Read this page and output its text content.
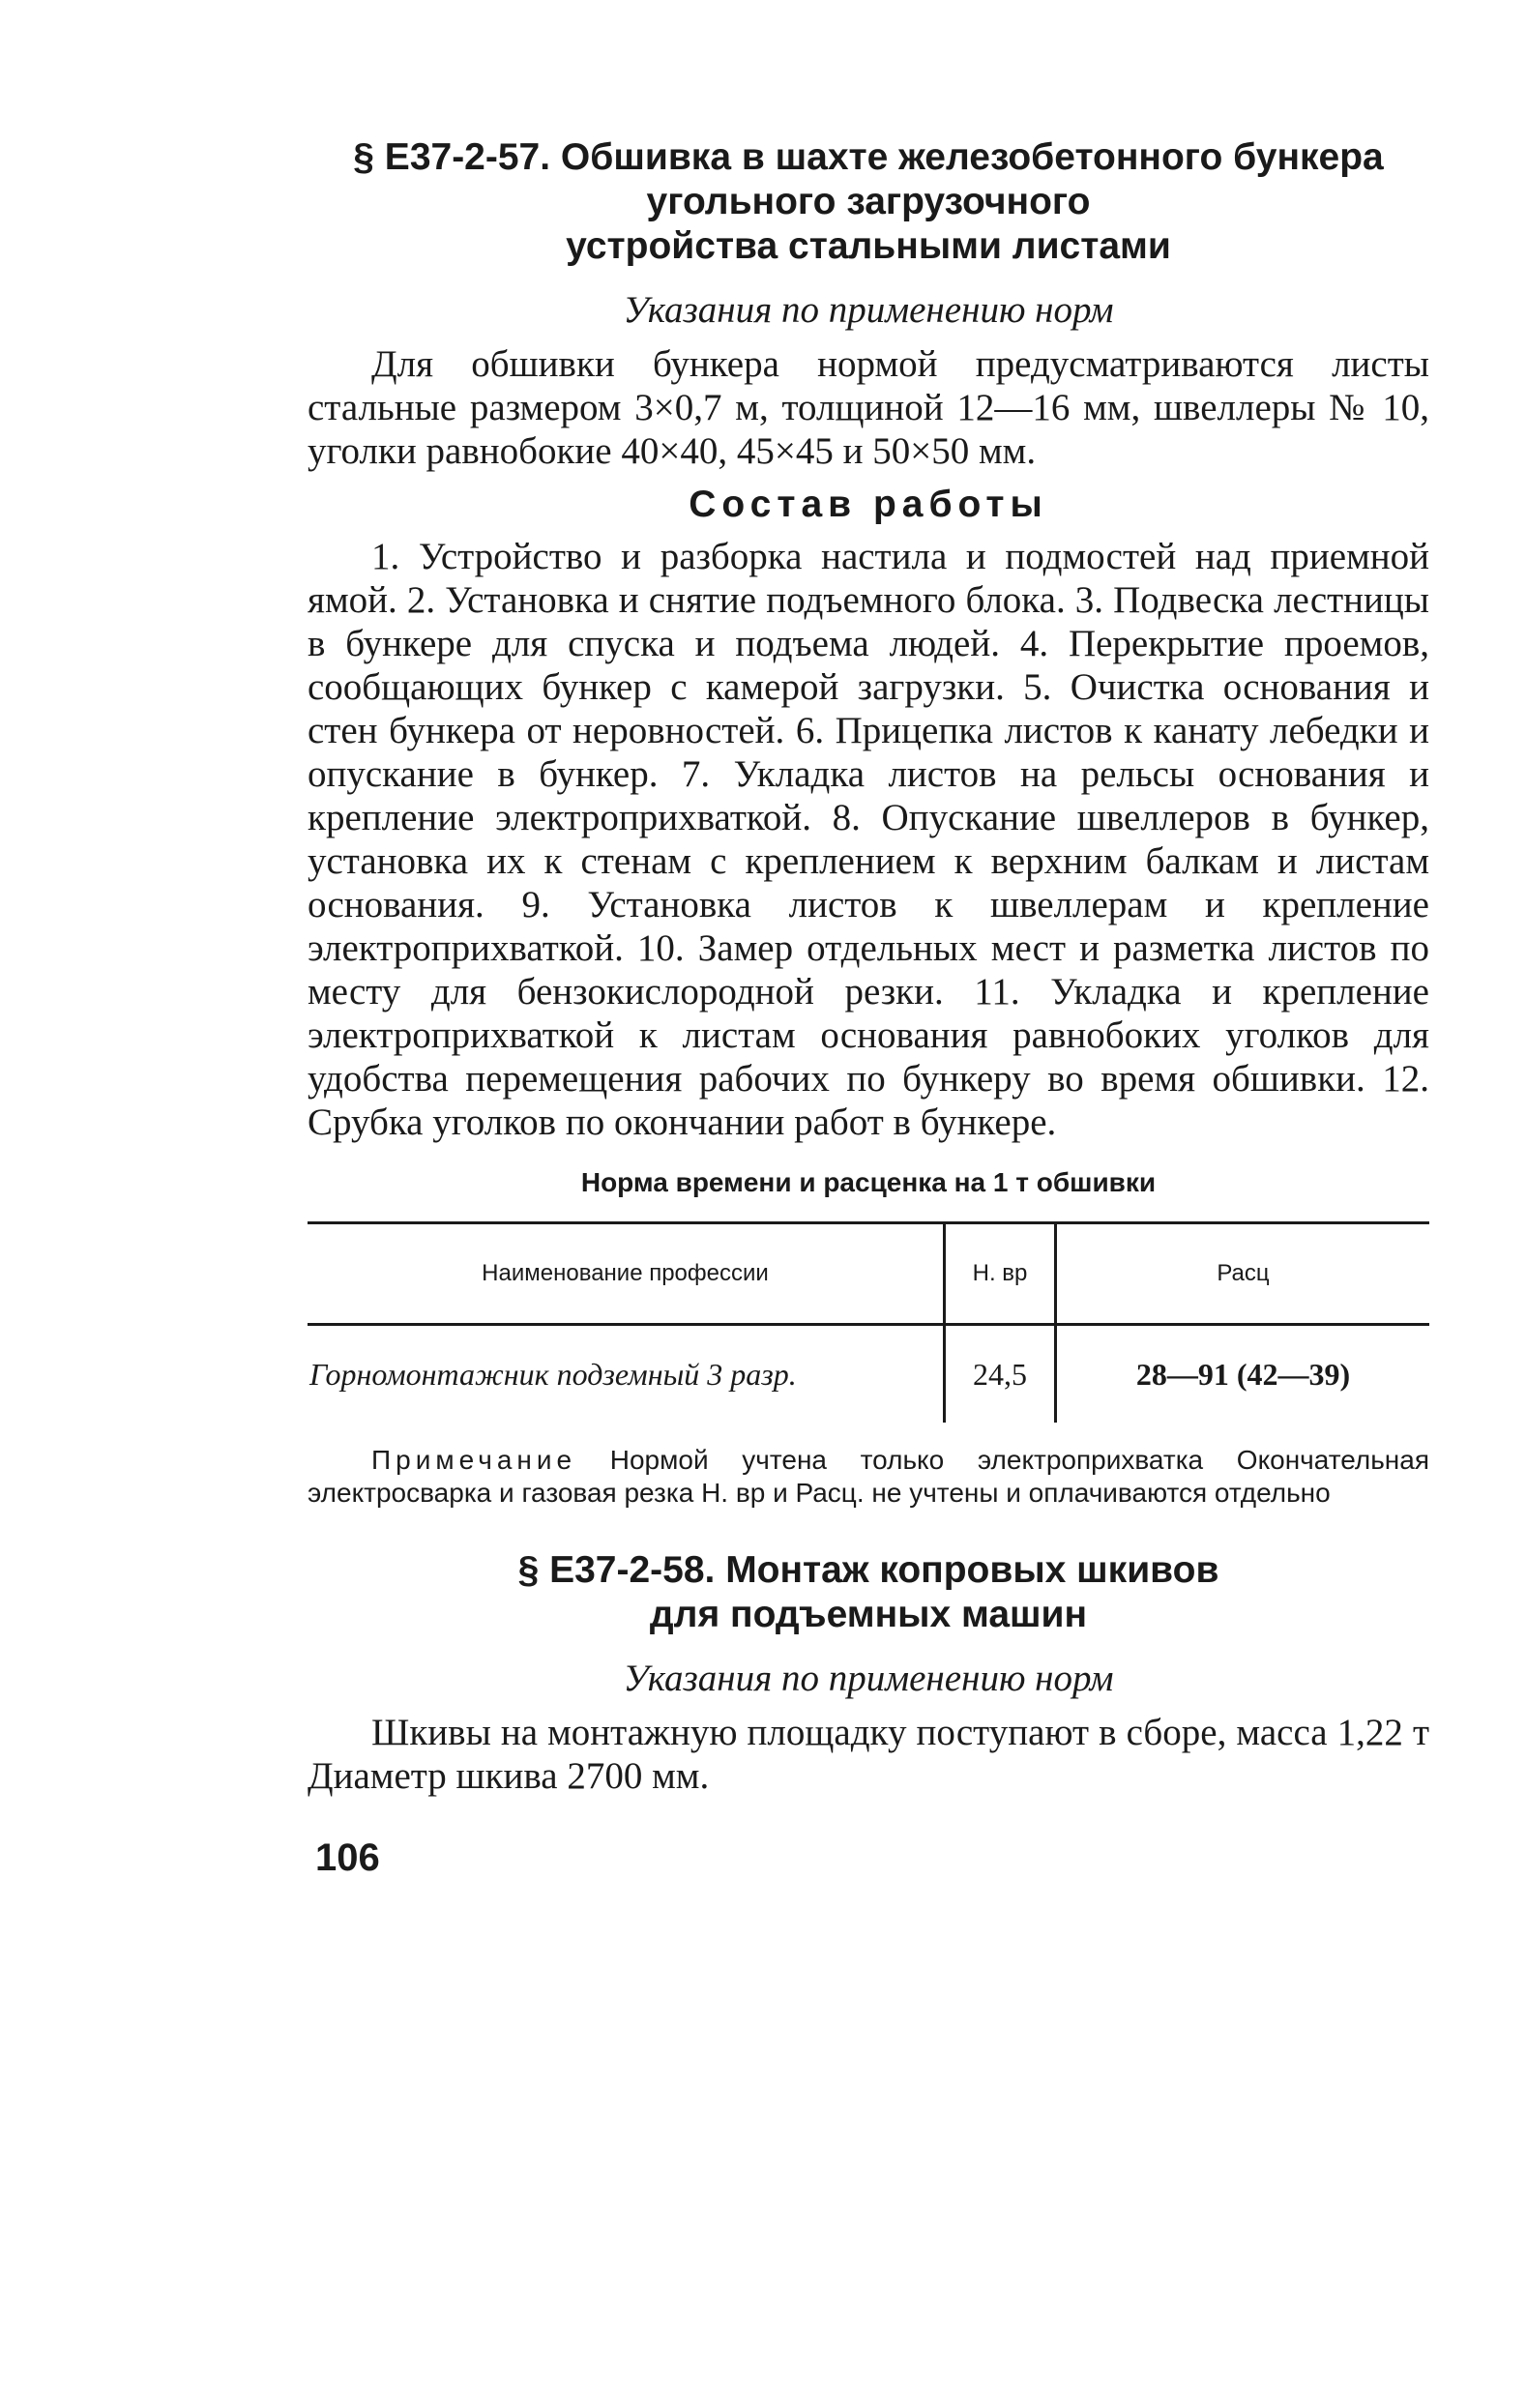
§ Е37-2-57. Обшивка в шахте железобетонного бункера
угольного загрузочного
устройства стальными листами

Указания по применению норм

Для обшивки бункера нормой предусматриваются листы стальные размером 3×0,7 м, толщиной 12—16 мм, швеллеры № 10, уголки равнобокие 40×40, 45×45 и 50×50 мм.

Состав работы

1. Устройство и разборка настила и подмостей над приемной ямой. 2. Установка и снятие подъемного блока. 3. Подвеска лестницы в бункере для спуска и подъема людей. 4. Перекрытие проемов, сообщающих бункер с камерой загрузки. 5. Очистка основания и стен бункера от неровностей. 6. Прицепка листов к канату лебедки и опускание в бункер. 7. Укладка листов на рельсы основания и крепление электроприхваткой. 8. Опускание швеллеров в бункер, установка их к стенам с креплением к верхним балкам и листам основания. 9. Установка листов к швеллерам и крепление электроприхваткой. 10. Замер отдельных мест и разметка листов по месту для бензокислородной резки. 11. Укладка и крепление электроприхваткой к листам основания равнобоких уголков для удобства перемещения рабочих по бункеру во время обшивки. 12. Срубка уголков по окончании работ в бункере.

Норма времени и расценка на 1 т обшивки

Наименование профессии	Н. вр	Расц
Горномонтажник подземный 3 разр.	24,5	28—91 (42—39)

Примечание Нормой учтена только электроприхватка Окончательная электросварка и газовая резка Н. вр и Расц. не учтены и оплачиваются отдельно

§ Е37-2-58. Монтаж копровых шкивов
для подъемных машин

Указания по применению норм

Шкивы на монтажную площадку поступают в сборе, масса 1,22 т Диаметр шкива 2700 мм.

106
